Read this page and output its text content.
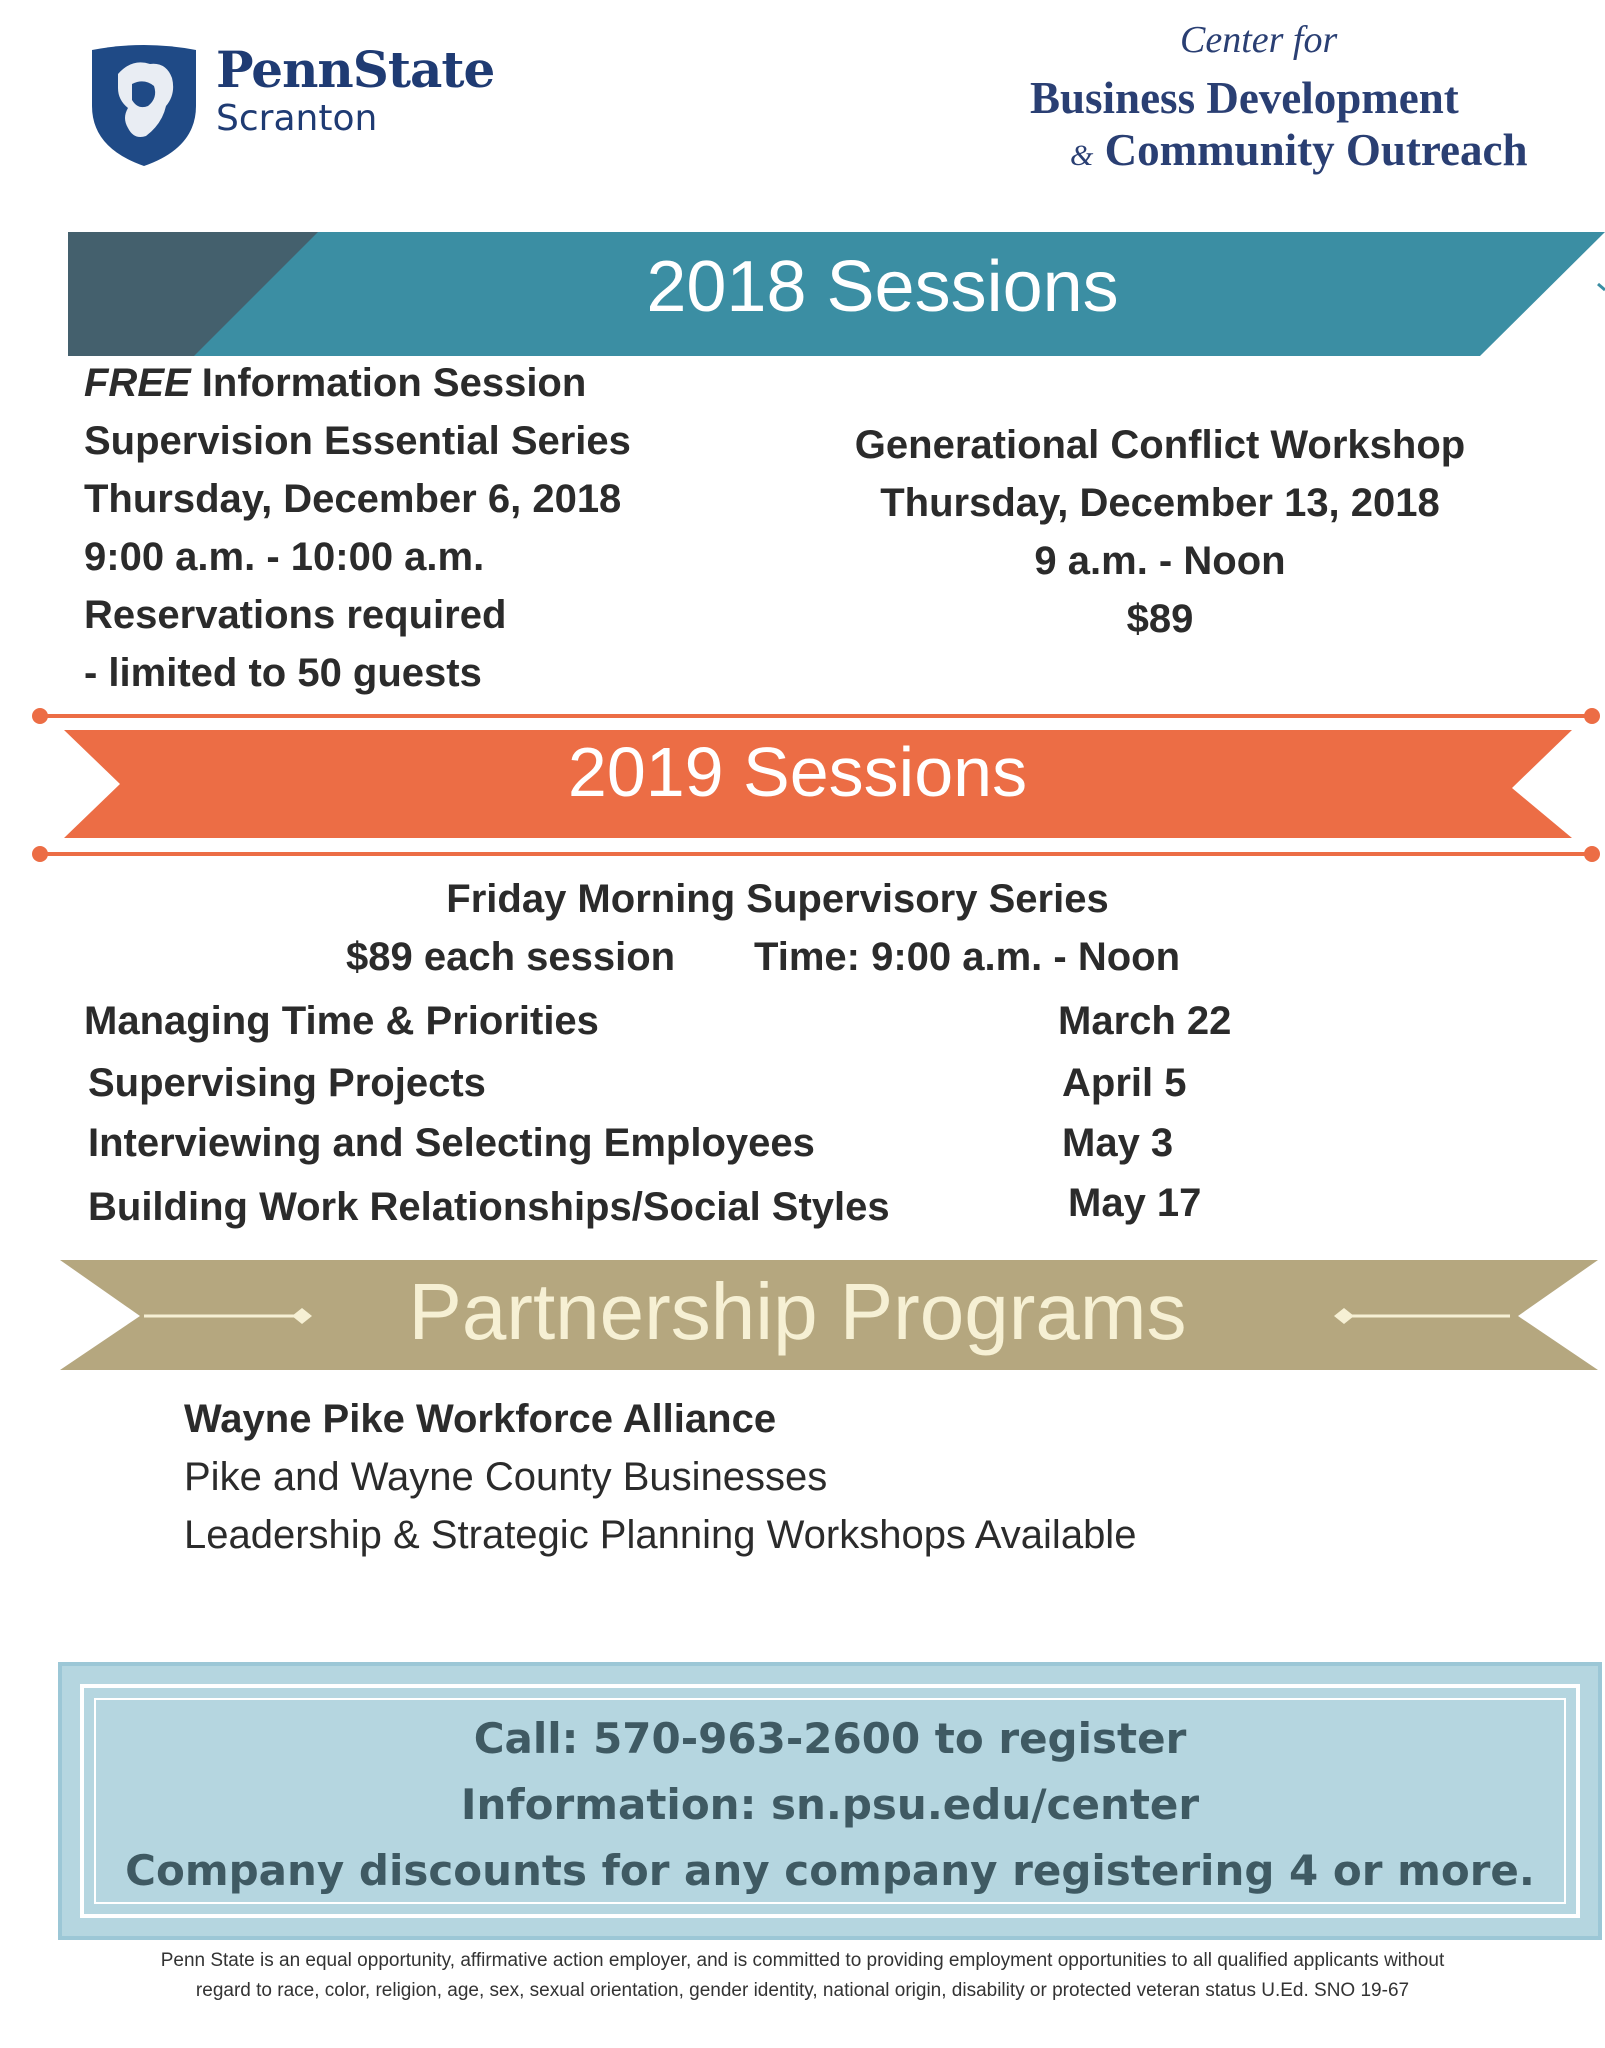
PennState
Scranton
Center for
Business Development
& Community Outreach
2018 Sessions
FREE Information Session
Supervision Essential Series
Thursday, December 6, 2018
9:00 a.m. - 10:00 a.m.
Reservations required
- limited to 50 guests
Generational Conflict Workshop
Thursday, December 13, 2018
9 a.m. - Noon
$89
2019 Sessions
Friday Morning Supervisory Series
$89 each session Time: 9:00 a.m. - Noon
Managing Time & Priorities	March 22
Supervising Projects	April 5
Interviewing and Selecting Employees	May 3
Building Work Relationships/Social Styles	May 17
Partnership Programs
Wayne Pike Workforce Alliance
Pike and Wayne County Businesses
Leadership & Strategic Planning Workshops Available
Call: 570-963-2600 to register
Information: sn.psu.edu/center
Company discounts for any company registering 4 or more.
Penn State is an equal opportunity, affirmative action employer, and is committed to providing employment opportunities to all qualified applicants without
regard to race, color, religion, age, sex, sexual orientation, gender identity, national origin, disability or protected veteran status U.Ed. SNO 19-67
